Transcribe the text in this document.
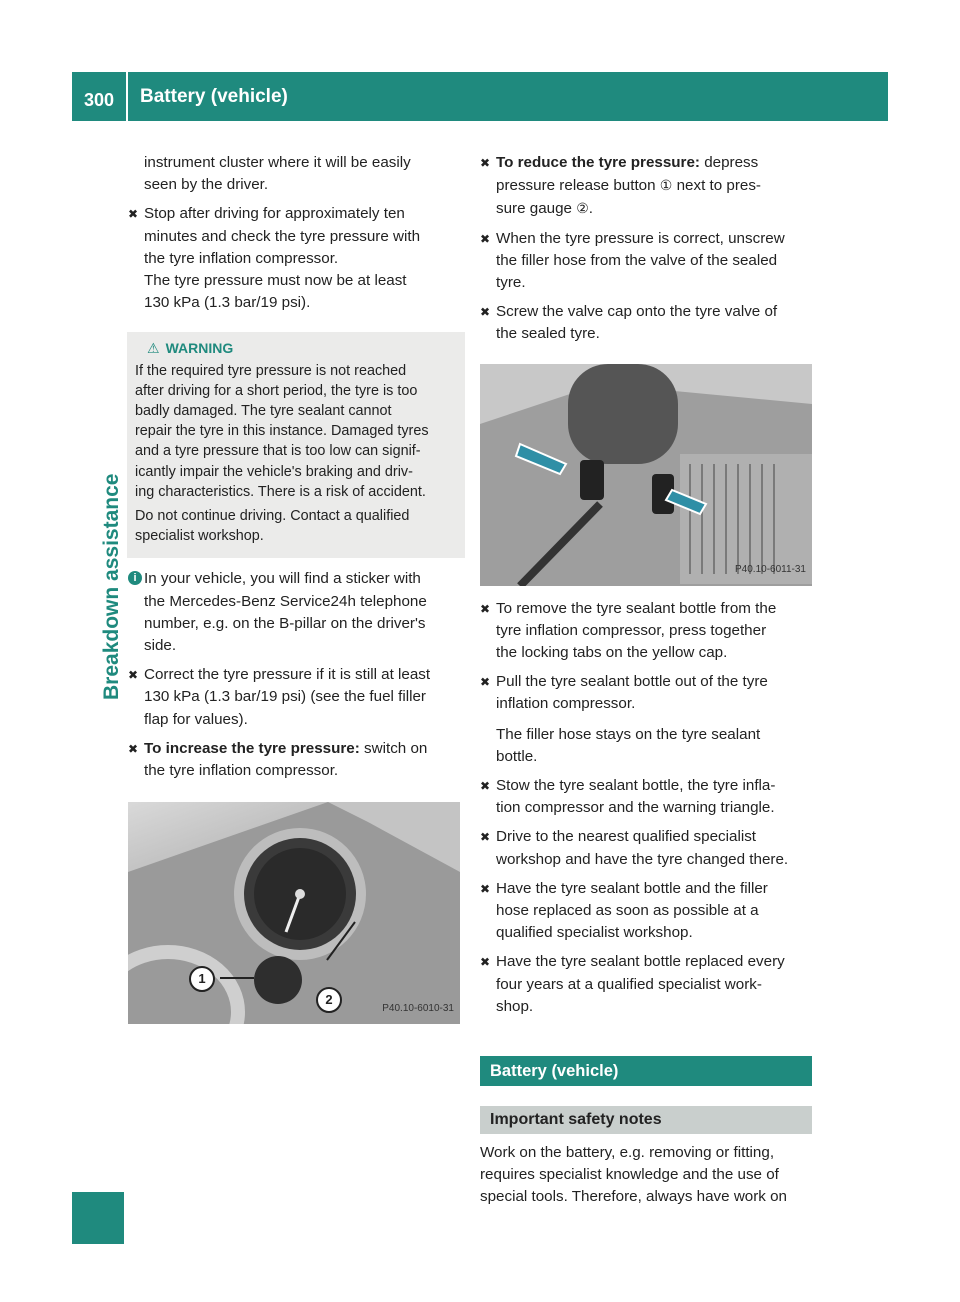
300 Battery (vehicle)
Breakdown assistance
instrument cluster where it will be easily
seen by the driver.
✖ Stop after driving for approximately ten
minutes and check the tyre pressure with
the tyre inflation compressor.
The tyre pressure must now be at least
130 kPa (1.3 bar/19 psi).
⚠ WARNING

If the required tyre pressure is not reached
after driving for a short period, the tyre is too
badly damaged. The tyre sealant cannot
repair the tyre in this instance. Damaged tyres
and a tyre pressure that is too low can signif-
icantly impair the vehicle's braking and driv-
ing characteristics. There is a risk of accident.

Do not continue driving. Contact a qualified
specialist workshop.

i In your vehicle, you will find a sticker with
the Mercedes-Benz Service24h telephone
number, e.g. on the B-pillar on the driver's
side.
✖ Correct the tyre pressure if it is still at least
130 kPa (1.3 bar/19 psi) (see the fuel filler
flap for values).
✖ To increase the tyre pressure: switch on
the tyre inflation compressor.
1
2
P40.10-6010-31
✖ To reduce the tyre pressure: depress
pressure release button ① next to pres-
sure gauge ②.
✖ When the tyre pressure is correct, unscrew
the filler hose from the valve of the sealed
tyre.
✖ Screw the valve cap onto the tyre valve of
the sealed tyre.
P40.10-6011-31
✖ To remove the tyre sealant bottle from the
tyre inflation compressor, press together
the locking tabs on the yellow cap.
✖ Pull the tyre sealant bottle out of the tyre
inflation compressor.
The filler hose stays on the tyre sealant
bottle.
✖ Stow the tyre sealant bottle, the tyre infla-
tion compressor and the warning triangle.
✖ Drive to the nearest qualified specialist
workshop and have the tyre changed there.
✖ Have the tyre sealant bottle and the filler
hose replaced as soon as possible at a
qualified specialist workshop.
✖ Have the tyre sealant bottle replaced every
four years at a qualified specialist work-
shop.
Battery (vehicle)
Important safety notes
Work on the battery, e.g. removing or fitting,
requires specialist knowledge and the use of
special tools. Therefore, always have work on
